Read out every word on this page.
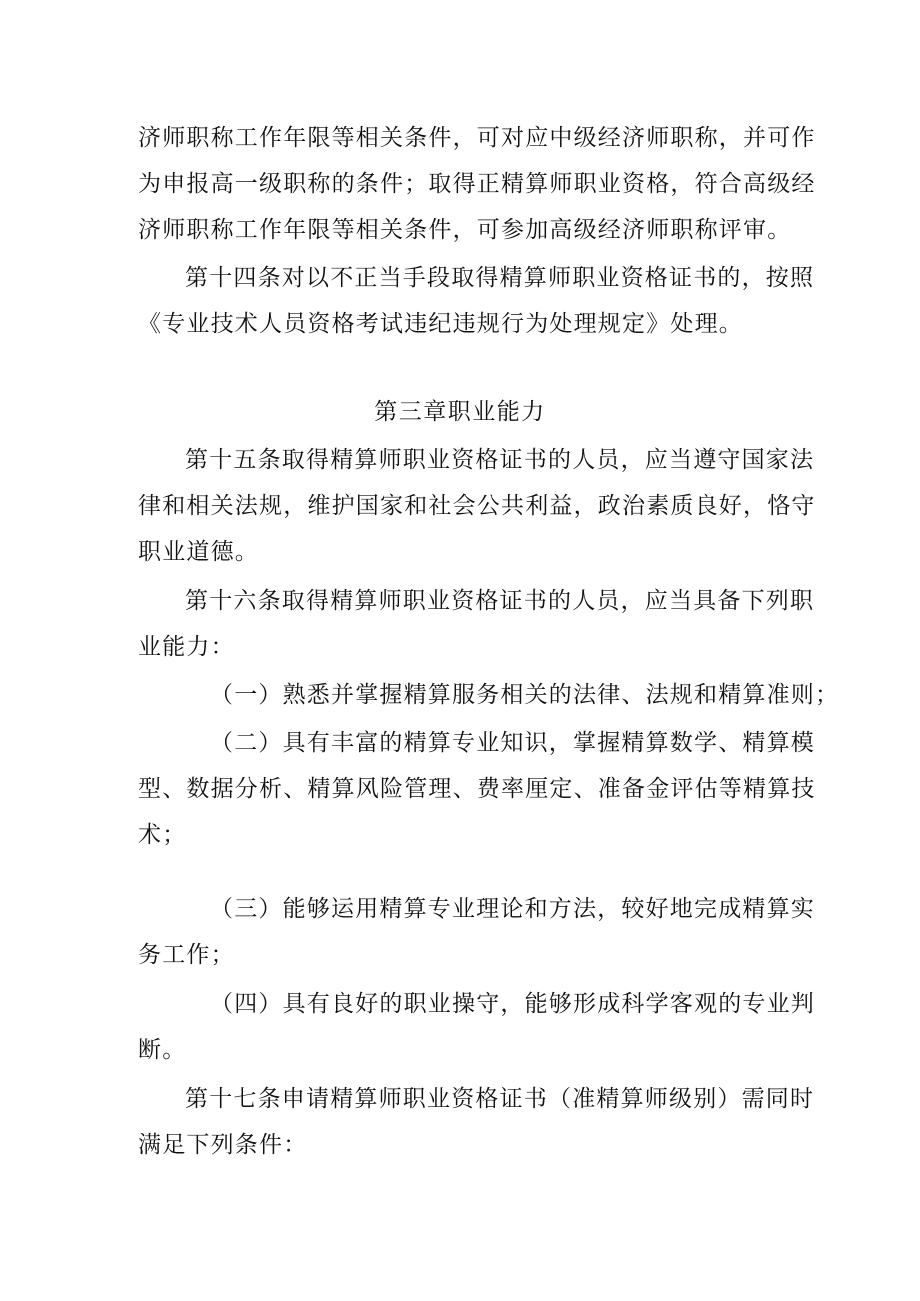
济师职称工作年限等相关条件，可对应中级经济师职称，并可作
为申报高一级职称的条件；取得正精算师职业资格，符合高级经
济师职称工作年限等相关条件，可参加高级经济师职称评审。
第十四条对以不正当手段取得精算师职业资格证书的，按照
《专业技术人员资格考试违纪违规行为处理规定》处理。
第三章职业能力
第十五条取得精算师职业资格证书的人员，应当遵守国家法
律和相关法规，维护国家和社会公共利益，政治素质良好，恪守
职业道德。
第十六条取得精算师职业资格证书的人员，应当具备下列职
业能力：
（一）熟悉并掌握精算服务相关的法律、法规和精算准则；
（二）具有丰富的精算专业知识，掌握精算数学、精算模
型、数据分析、精算风险管理、费率厘定、准备金评估等精算技
术；
（三）能够运用精算专业理论和方法，较好地完成精算实
务工作；
（四）具有良好的职业操守，能够形成科学客观的专业判
断。
第十七条申请精算师职业资格证书（准精算师级别）需同时
满足下列条件：
